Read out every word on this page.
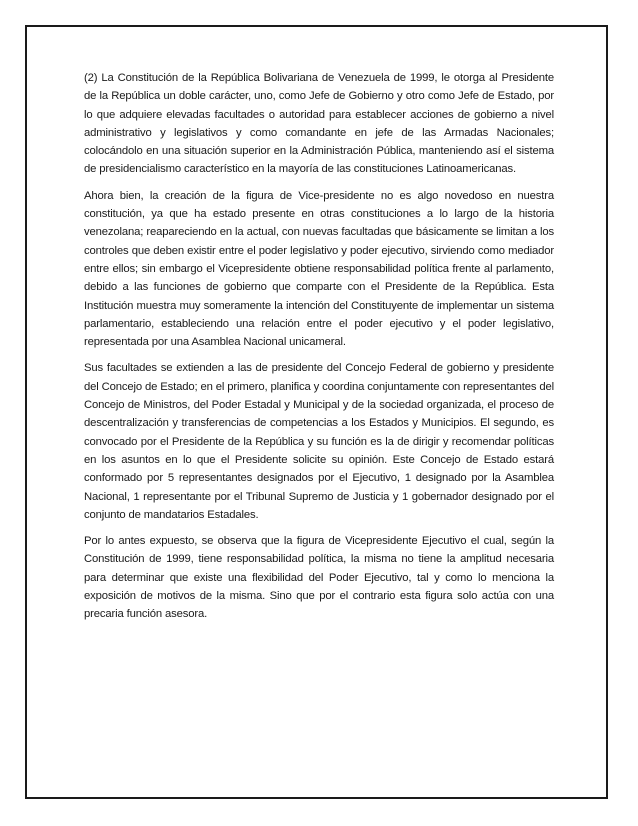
(2) La Constitución de la República Bolivariana de Venezuela de 1999, le otorga al Presidente de la República un doble carácter, uno, como Jefe de Gobierno y otro como Jefe de Estado, por lo que adquiere elevadas facultades o autoridad para establecer acciones de gobierno a nivel administrativo y legislativos y como comandante en jefe de las Armadas Nacionales; colocándolo en una situación superior en la Administración Pública, manteniendo así el sistema de presidencialismo característico en la mayoría de las constituciones Latinoamericanas.

Ahora bien, la creación de la figura de Vice-presidente no es algo novedoso en nuestra constitución, ya que ha estado presente en otras constituciones a lo largo de la historia venezolana; reapareciendo en la actual, con nuevas facultadas que básicamente se limitan a los controles que deben existir entre el poder legislativo y poder ejecutivo, sirviendo como mediador entre ellos; sin embargo el Vicepresidente obtiene responsabilidad política frente al parlamento, debido a las funciones de gobierno que comparte con el Presidente de la República. Esta Institución muestra muy someramente la intención del Constituyente de implementar un sistema parlamentario, estableciendo una relación entre el poder ejecutivo y el poder legislativo, representada por una Asamblea Nacional unicameral.

Sus facultades se extienden a las de presidente del Concejo Federal de gobierno y presidente del Concejo de Estado; en el primero, planifica y coordina conjuntamente con representantes del Concejo de Ministros, del Poder Estadal y Municipal y de la sociedad organizada, el proceso de descentralización y transferencias de competencias a los Estados y Municipios. El segundo, es convocado por el Presidente de la República y su función es la de dirigir y recomendar políticas en los asuntos en lo que el Presidente solicite su opinión. Este Concejo de Estado estará conformado por 5 representantes designados por el Ejecutivo, 1 designado por la Asamblea Nacional, 1 representante por el Tribunal Supremo de Justicia y 1 gobernador designado por el conjunto de mandatarios Estadales.

Por lo antes expuesto, se observa que la figura de Vicepresidente Ejecutivo el cual, según la Constitución de 1999, tiene responsabilidad política, la misma no tiene la amplitud necesaria para determinar que existe una flexibilidad del Poder Ejecutivo, tal y como lo menciona la exposición de motivos de la misma. Sino que por el contrario esta figura solo actúa con una precaria función asesora.
